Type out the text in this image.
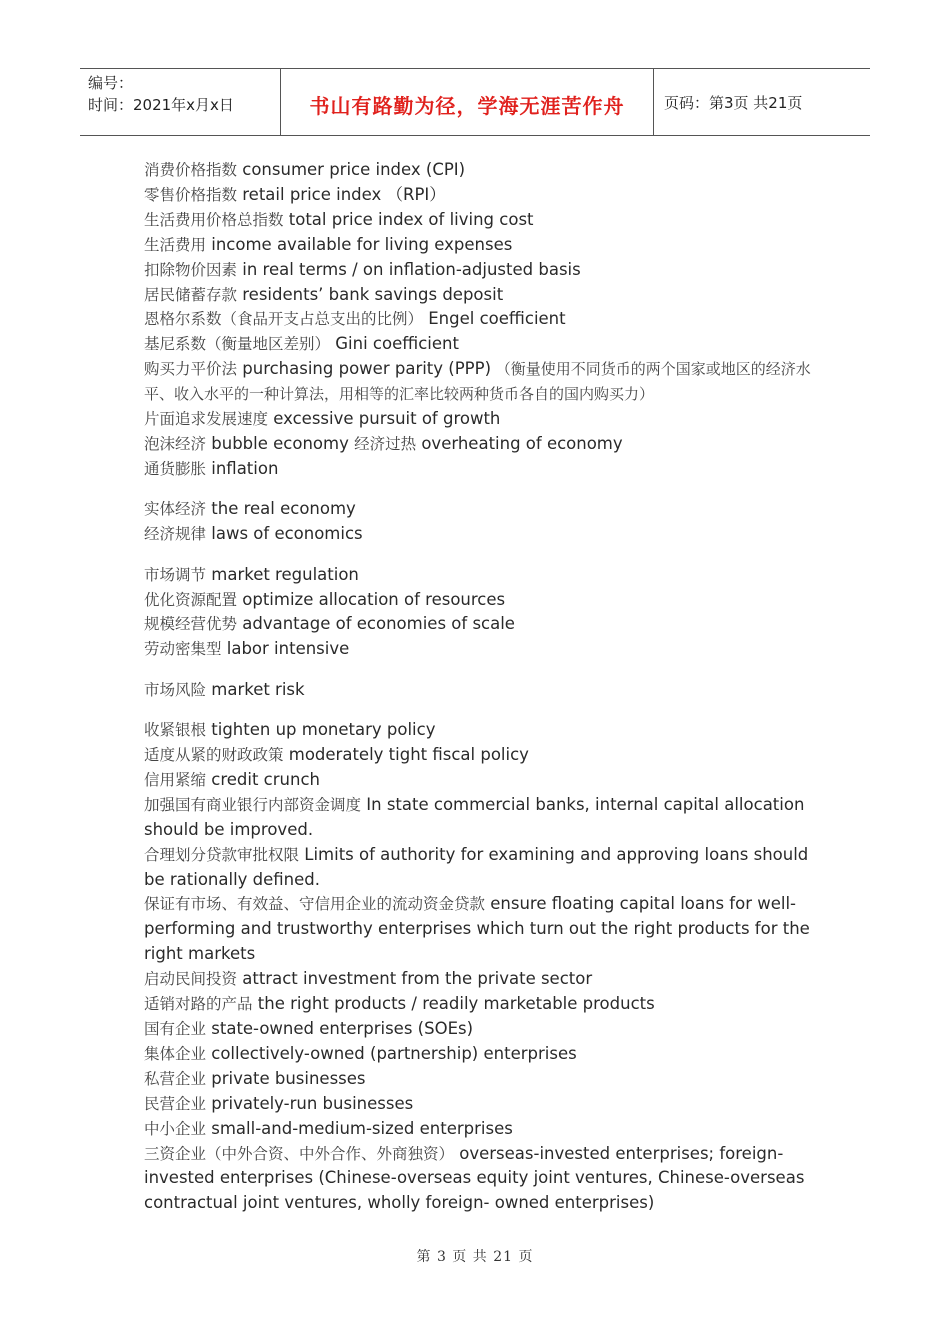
编号：
时间：2021年x月x日	书山有路勤为径，学海无涯苦作舟	页码：第3页 共21页
消费价格指数 consumer price index (CPI)
零售价格指数 retail price index （RPI）
生活费用价格总指数 total price index of living cost
生活费用 income available for living expenses
扣除物价因素 in real terms / on inflation-adjusted basis
居民储蓄存款 residents’ bank savings deposit
恩格尔系数（食品开支占总支出的比例） Engel coefficient
基尼系数（衡量地区差别） Gini coefficient
购买力平价法 purchasing power parity (PPP) （衡量使用不同货币的两个国家或地区的经济水平、收入水平的一种计算法，用相等的汇率比较两种货币各自的国内购买力）
片面追求发展速度 excessive pursuit of growth
泡沫经济 bubble economy 经济过热 overheating of economy
通货膨胀 inflation
实体经济 the real economy
经济规律 laws of economics
市场调节 market regulation
优化资源配置 optimize allocation of resources
规模经营优势 advantage of economies of scale
劳动密集型 labor intensive
市场风险 market risk
收紧银根 tighten up monetary policy
适度从紧的财政政策 moderately tight fiscal policy
信用紧缩 credit crunch
加强国有商业银行内部资金调度 In state commercial banks, internal capital allocation should be improved.
合理划分贷款审批权限 Limits of authority for examining and approving loans should be rationally defined.
保证有市场、有效益、守信用企业的流动资金贷款 ensure floating capital loans for well-performing and trustworthy enterprises which turn out the right products for the right markets
启动民间投资 attract investment from the private sector
适销对路的产品 the right products / readily marketable products
国有企业 state-owned enterprises (SOEs)
集体企业 collectively-owned (partnership) enterprises
私营企业 private businesses
民营企业 privately-run businesses
中小企业 small-and-medium-sized enterprises
三资企业（中外合资、中外合作、外商独资） overseas-invested enterprises; foreign-invested enterprises (Chinese-overseas equity joint ventures, Chinese-overseas contractual joint ventures, wholly foreign- owned enterprises)
第 3 页 共 21 页
